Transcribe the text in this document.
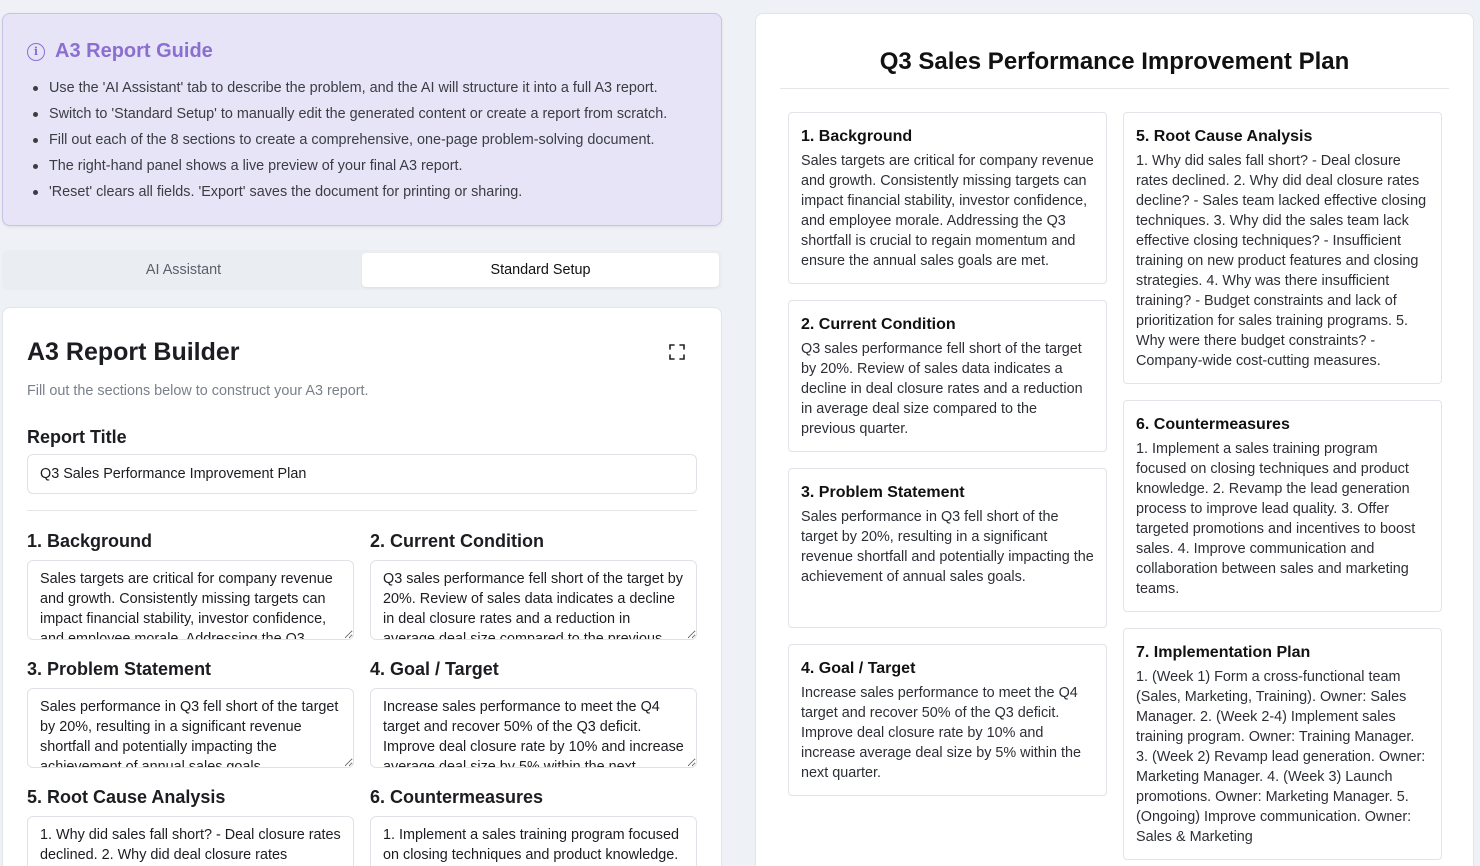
i A3 Report Guide
Use the 'AI Assistant' tab to describe the problem, and the AI will structure it into a full A3 report.
Switch to 'Standard Setup' to manually edit the generated content or create a report from scratch.
Fill out each of the 8 sections to create a comprehensive, one-page problem-solving document.
The right-hand panel shows a live preview of your final A3 report.
'Reset' clears all fields. 'Export' saves the document for printing or sharing.
AI Assistant	Standard Setup
A3 Report Builder
Fill out the sections below to construct your A3 report.
Report Title
Q3 Sales Performance Improvement Plan
1. Background
Sales targets are critical for company revenue and growth. Consistently missing targets can impact financial stability, investor confidence, and employee morale. Addressing the Q3 shortfall is crucial to regain momentum and ensure the annual sales goals are met.	2. Current Condition
Q3 sales performance fell short of the target by 20%. Review of sales data indicates a decline in deal closure rates and a reduction in average deal size compared to the previous quarter.
3. Problem Statement
Sales performance in Q3 fell short of the target by 20%, resulting in a significant revenue shortfall and potentially impacting the achievement of annual sales goals.	4. Goal / Target
Increase sales performance to meet the Q4 target and recover 50% of the Q3 deficit. Improve deal closure rate by 10% and increase average deal size by 5% within the next quarter.
5. Root Cause Analysis
1. Why did sales fall short? - Deal closure rates declined. 2. Why did deal closure rates decline? - Sales team lacked effective closing techniques. 3. Why did the sales team lack effective closing techniques? - Insufficient training on new product features and closing strategies. 4. Why was there insufficient training? - Budget constraints and lack of prioritization for sales training programs. 5. Why were there budget constraints? - Company-wide cost-cutting measures.	6. Countermeasures
1. Implement a sales training program focused on closing techniques and product knowledge. 2. Revamp the lead generation process to improve lead quality. 3. Offer targeted promotions and incentives to boost sales. 4. Improve communication and collaboration between sales and marketing teams.
Q3 Sales Performance Improvement Plan
1. Background

Sales targets are critical for company revenue and growth. Consistently missing targets can impact financial stability, investor confidence, and employee morale. Addressing the Q3 shortfall is crucial to regain momentum and ensure the annual sales goals are met.

2. Current Condition

Q3 sales performance fell short of the target by 20%. Review of sales data indicates a decline in deal closure rates and a reduction in average deal size compared to the previous quarter.

3. Problem Statement

Sales performance in Q3 fell short of the target by 20%, resulting in a significant revenue shortfall and potentially impacting the achievement of annual sales goals.

4. Goal / Target

Increase sales performance to meet the Q4 target and recover 50% of the Q3 deficit. Improve deal closure rate by 10% and increase average deal size by 5% within the next quarter.

5. Root Cause Analysis

1. Why did sales fall short? - Deal closure rates declined. 2. Why did deal closure rates decline? - Sales team lacked effective closing techniques. 3. Why did the sales team lack effective closing techniques? - Insufficient training on new product features and closing strategies. 4. Why was there insufficient training? - Budget constraints and lack of prioritization for sales training programs. 5. Why were there budget constraints? - Company-wide cost-cutting measures.

6. Countermeasures

1. Implement a sales training program focused on closing techniques and product knowledge. 2. Revamp the lead generation process to improve lead quality. 3. Offer targeted promotions and incentives to boost sales. 4. Improve communication and collaboration between sales and marketing teams.

7. Implementation Plan

1. (Week 1) Form a cross-functional team (Sales, Marketing, Training). Owner: Sales Manager. 2. (Week 2-4) Implement sales training program. Owner: Training Manager. 3. (Week 2) Revamp lead generation. Owner: Marketing Manager. 4. (Week 3) Launch promotions. Owner: Marketing Manager. 5. (Ongoing) Improve communication. Owner: Sales & Marketing
